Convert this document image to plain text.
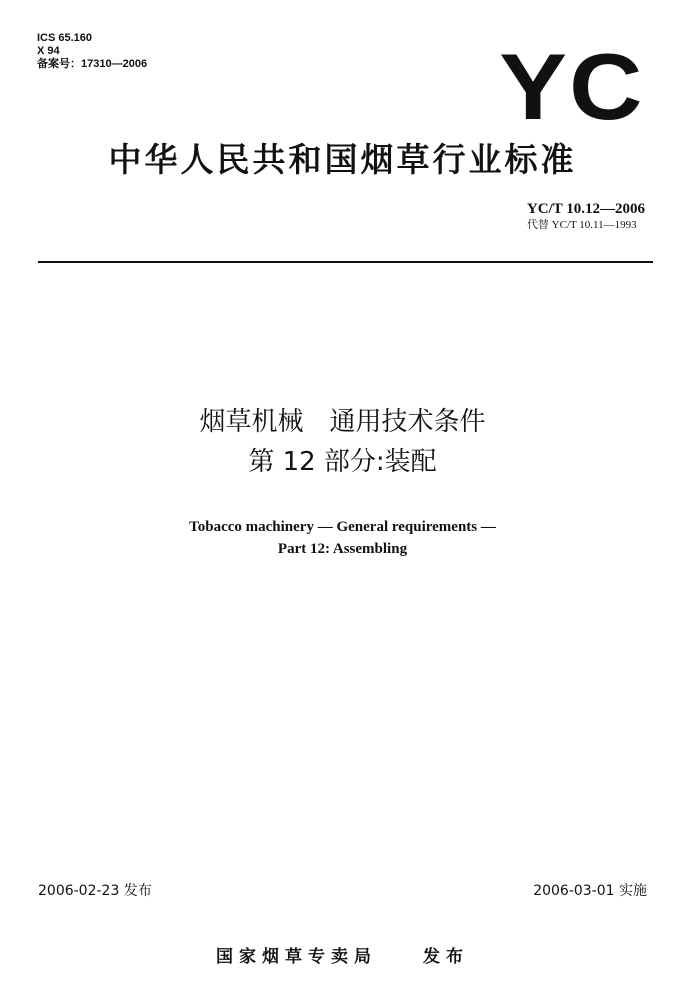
ICS 65.160
X 94
备案号：17310—2006	YC
中华人民共和国烟草行业标准
YC/T 10.12—2006
代替 YC/T 10.11—1993
烟草机械　通用技术条件
第 12 部分:装配
Tobacco machinery — General requirements —
Part 12: Assembling
2006-02-23 发布	2006-03-01 实施
国家烟草专卖局　　发布
